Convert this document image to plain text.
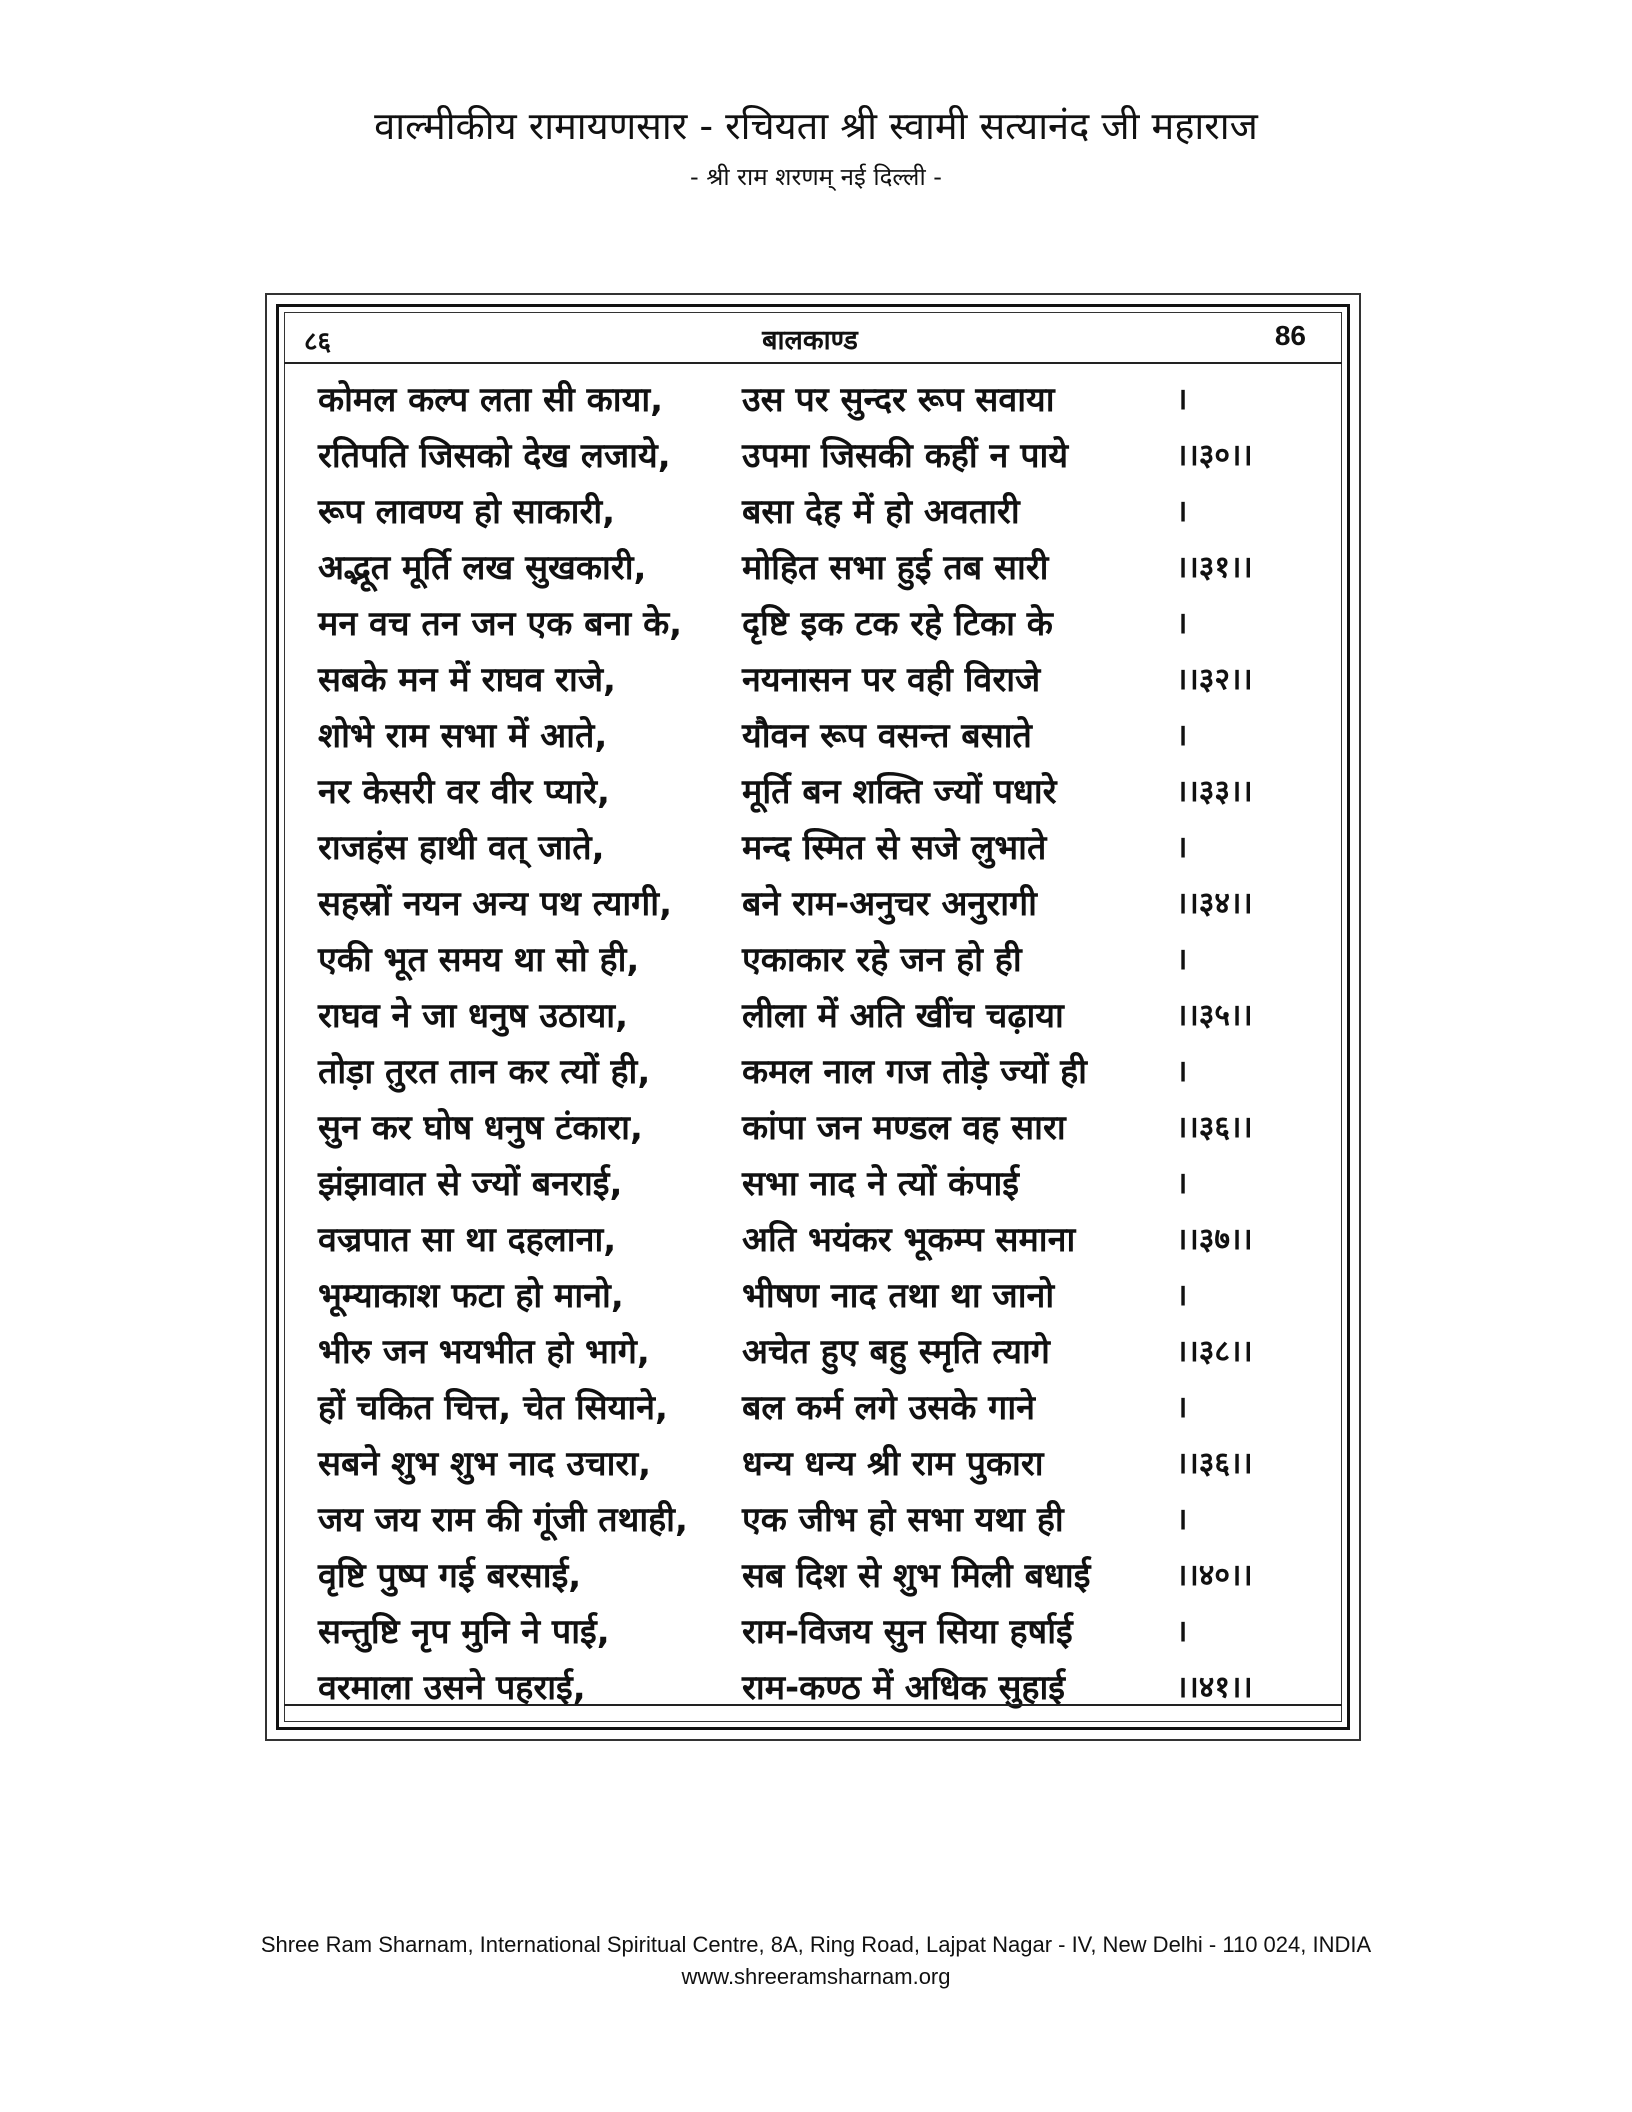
वाल्मीकीय रामायणसार - रचियता श्री स्वामी सत्यानंद जी महाराज
- श्री राम शरणम् नई दिल्ली -
८६	बालकाण्ड	86
कोमल कल्प लता सी काया,	उस पर सुन्दर रूप सवाया	।
रतिपति जिसको देख लजाये,	उपमा जिसकी कहीं न पाये	।।३०।।
रूप लावण्य हो साकारी,	बसा देह में हो अवतारी	।
अद्भूत मूर्ति लख सुखकारी,	मोहित सभा हुई तब सारी	।।३१।।
मन वच तन जन एक बना के,	दृष्टि इक टक रहे टिका के	।
सबके मन में राघव राजे,	नयनासन पर वही विराजे	।।३२।।
शोभे राम सभा में आते,	यौवन रूप वसन्त बसाते	।
नर केसरी वर वीर प्यारे,	मूर्ति बन शक्ति ज्यों पधारे	।।३३।।
राजहंस हाथी वत् जाते,	मन्द स्मित से सजे लुभाते	।
सहस्रों नयन अन्य पथ त्यागी,	बने राम-अनुचर अनुरागी	।।३४।।
एकी भूत समय था सो ही,	एकाकार रहे जन हो ही	।
राघव ने जा धनुष उठाया,	लीला में अति खींच चढ़ाया	।।३५।।
तोड़ा तुरत तान कर त्यों ही,	कमल नाल गज तोड़े ज्यों ही	।
सुन कर घोष धनुष टंकारा,	कांपा जन मण्डल वह सारा	।।३६।।
झंझावात से ज्यों बनराई,	सभा नाद ने त्यों कंपाई	।
वज्रपात सा था दहलाना,	अति भयंकर भूकम्प समाना	।।३७।।
भूम्याकाश फटा हो मानो,	भीषण नाद तथा था जानो	।
भीरु जन भयभीत हो भागे,	अचेत हुए बहु स्मृति त्यागे	।।३८।।
हों चकित चित्त, चेत सियाने,	बल कर्म लगे उसके गाने	।
सबने शुभ शुभ नाद उचारा,	धन्य धन्य श्री राम पुकारा	।।३६।।
जय जय राम की गूंजी तथाही,	एक जीभ हो सभा यथा ही	।
वृष्टि पुष्प गई बरसाई,	सब दिश से शुभ मिली बधाई	।।४०।।
सन्तुष्टि नृप मुनि ने पाई,	राम-विजय सुन सिया हर्षाई	।
वरमाला उसने पहराई,	राम-कण्ठ में अधिक सुहाई	।।४१।।
Shree Ram Sharnam, International Spiritual Centre, 8A, Ring Road, Lajpat Nagar - IV, New Delhi - 110 024, INDIA
www.shreeramsharnam.org
